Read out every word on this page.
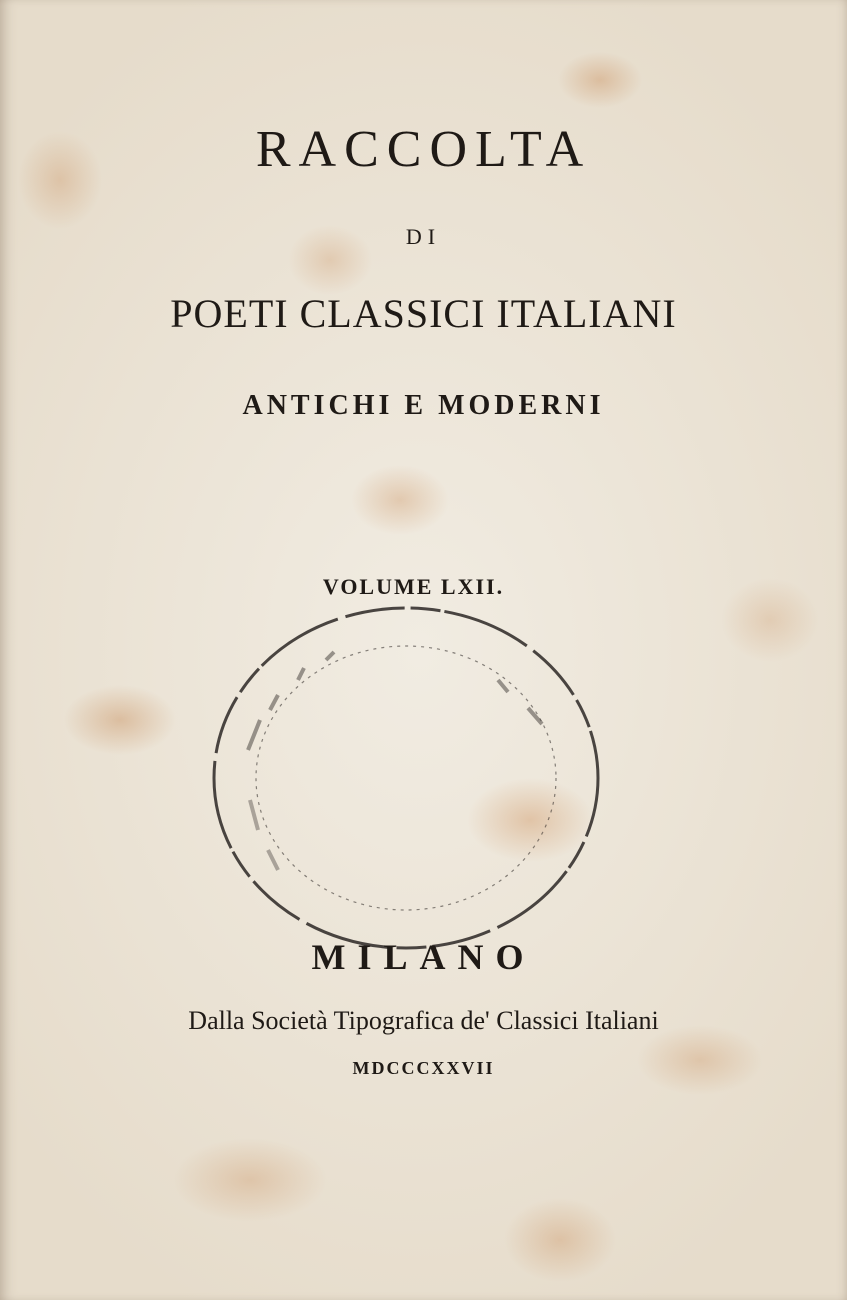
RACCOLTA
DI
POETI CLASSICI ITALIANI
ANTICHI E MODERNI
VOLUME LXII.
MILANO
Dalla Società Tipografica de' Classici Italiani
MDCCCXXVII
